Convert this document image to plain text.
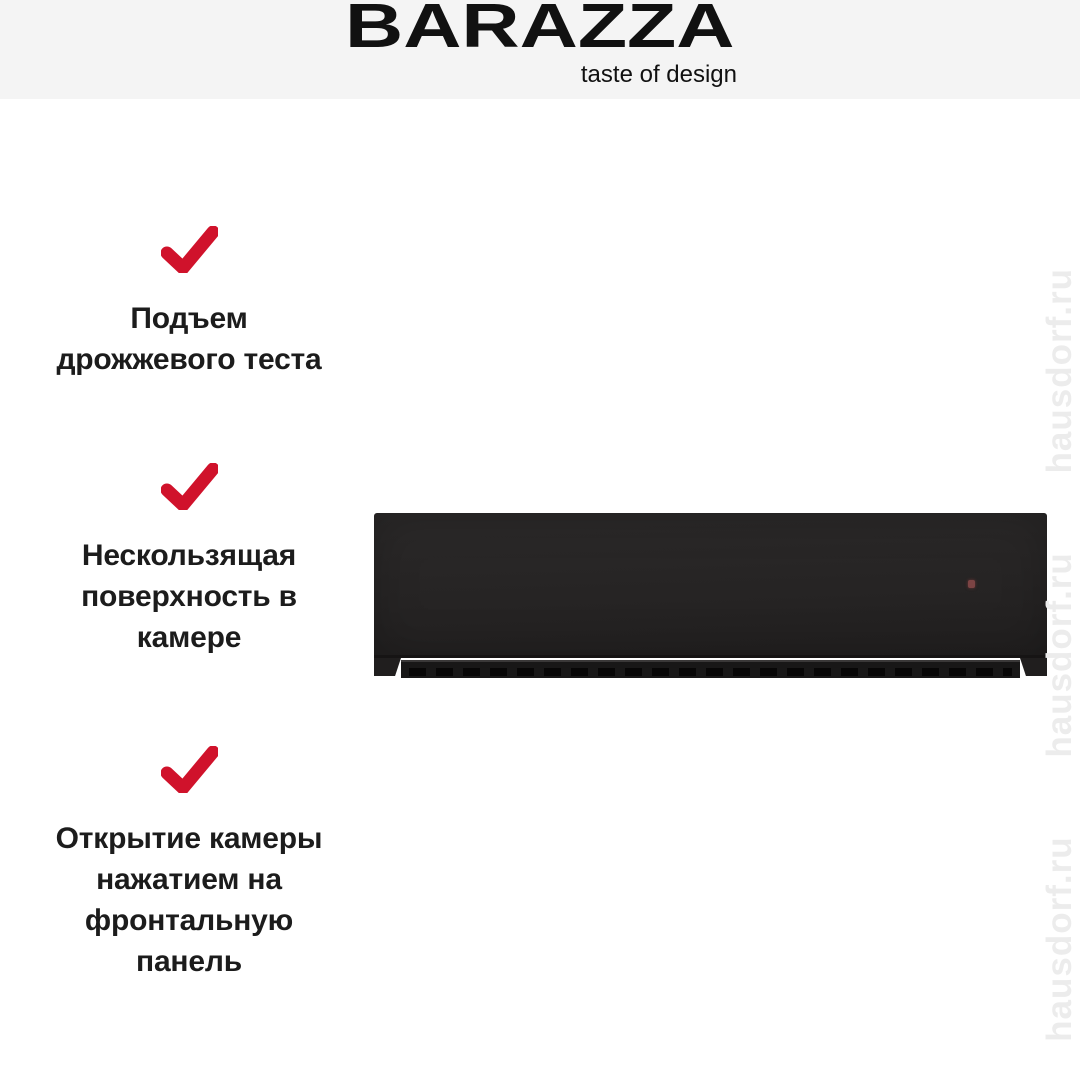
BARAZZA
taste of design
Подъем
дрожжевого теста
Нескользящая
поверхность в
камере
Открытие камеры
нажатием на
фронтальную
панель	hausdorf.ru hausdorf.ru hausdorf.ru
